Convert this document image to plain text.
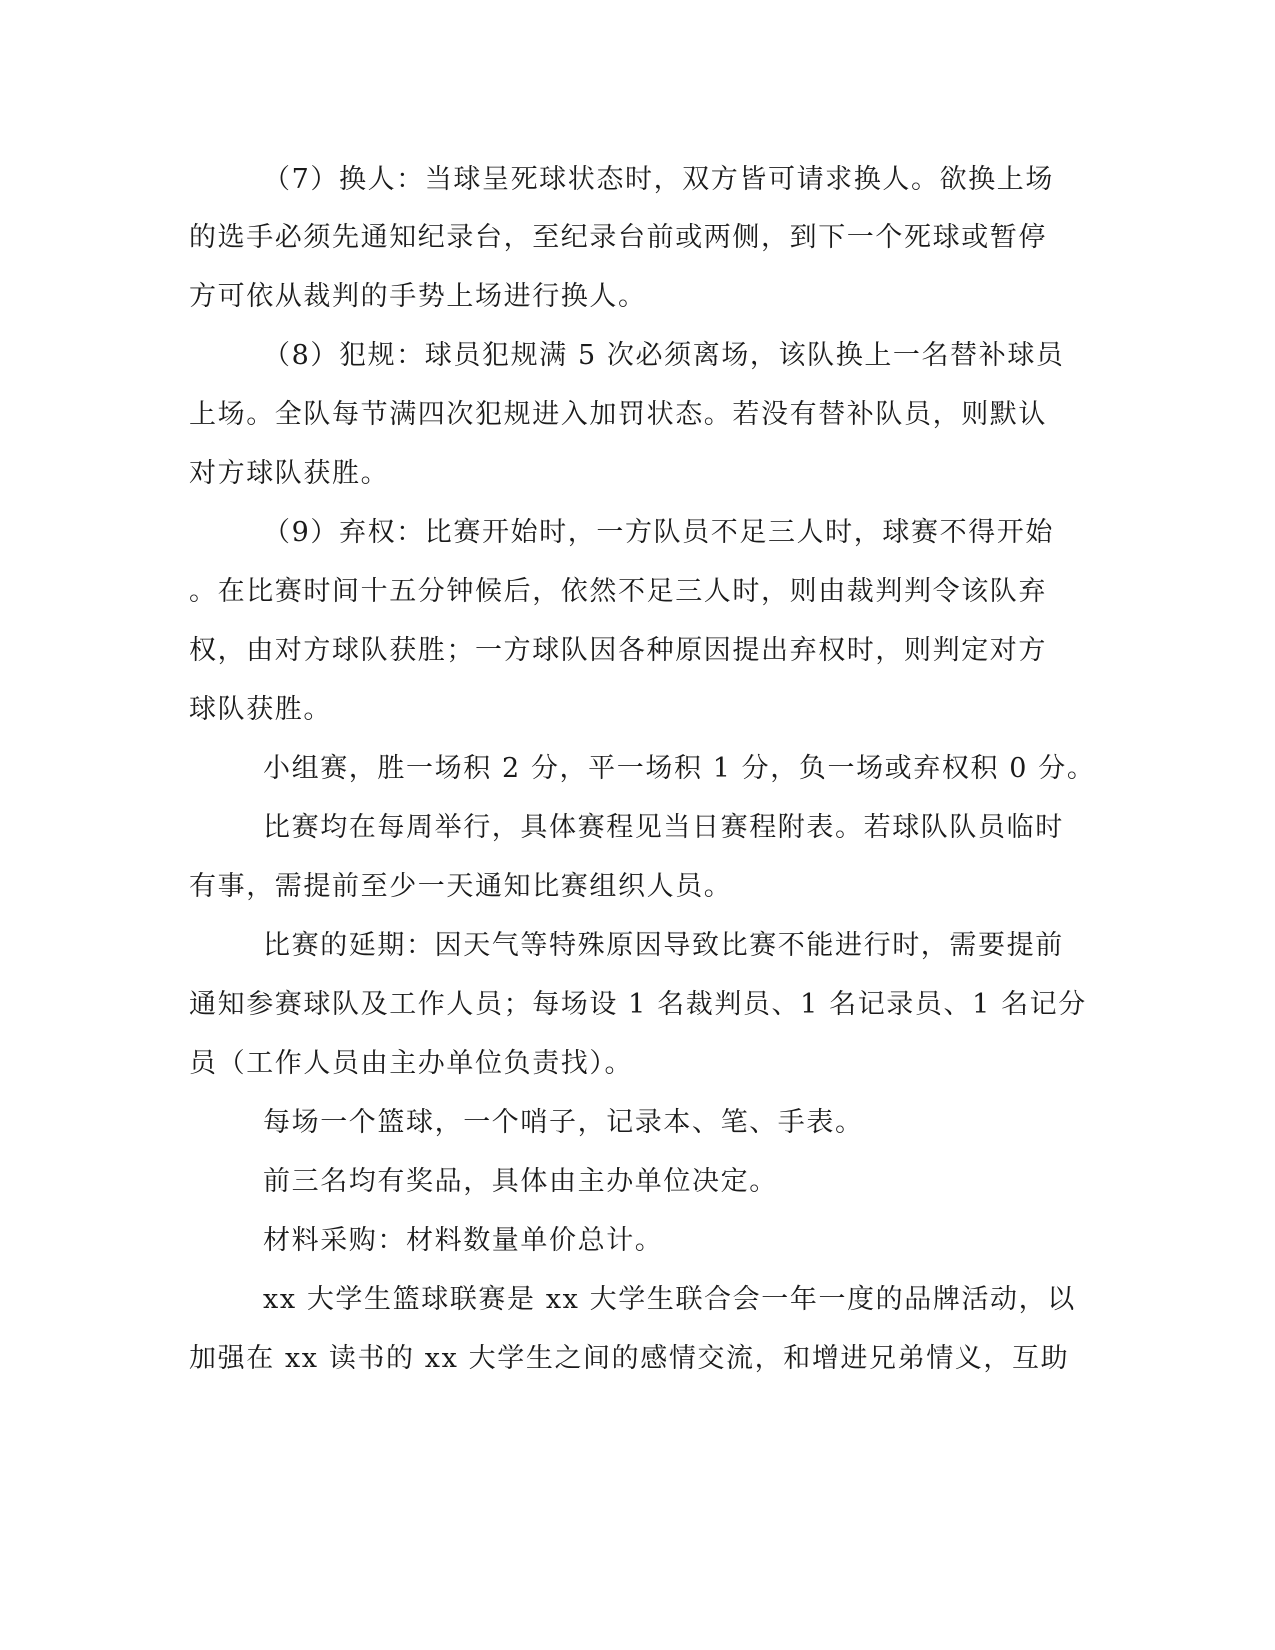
（7）换人：当球呈死球状态时，双方皆可请求换人。欲换上场
的选手必须先通知纪录台，至纪录台前或两侧，到下一个死球或暂停
方可依从裁判的手势上场进行换人。
（8）犯规：球员犯规满 5 次必须离场，该队换上一名替补球员
上场。全队每节满四次犯规进入加罚状态。若没有替补队员，则默认
对方球队获胜。
（9）弃权：比赛开始时，一方队员不足三人时，球赛不得开始
。在比赛时间十五分钟候后，依然不足三人时，则由裁判判令该队弃
权，由对方球队获胜；一方球队因各种原因提出弃权时，则判定对方
球队获胜。
小组赛，胜一场积 2 分，平一场积 1 分，负一场或弃权积 0 分。
比赛均在每周举行，具体赛程见当日赛程附表。若球队队员临时
有事，需提前至少一天通知比赛组织人员。
比赛的延期：因天气等特殊原因导致比赛不能进行时，需要提前
通知参赛球队及工作人员；每场设 1 名裁判员、1 名记录员、1 名记分
员（工作人员由主办单位负责找）。
每场一个篮球，一个哨子，记录本、笔、手表。
前三名均有奖品，具体由主办单位决定。
材料采购：材料数量单价总计。
xx 大学生篮球联赛是 xx 大学生联合会一年一度的品牌活动，以
加强在 xx 读书的 xx 大学生之间的感情交流，和增进兄弟情义，互助
